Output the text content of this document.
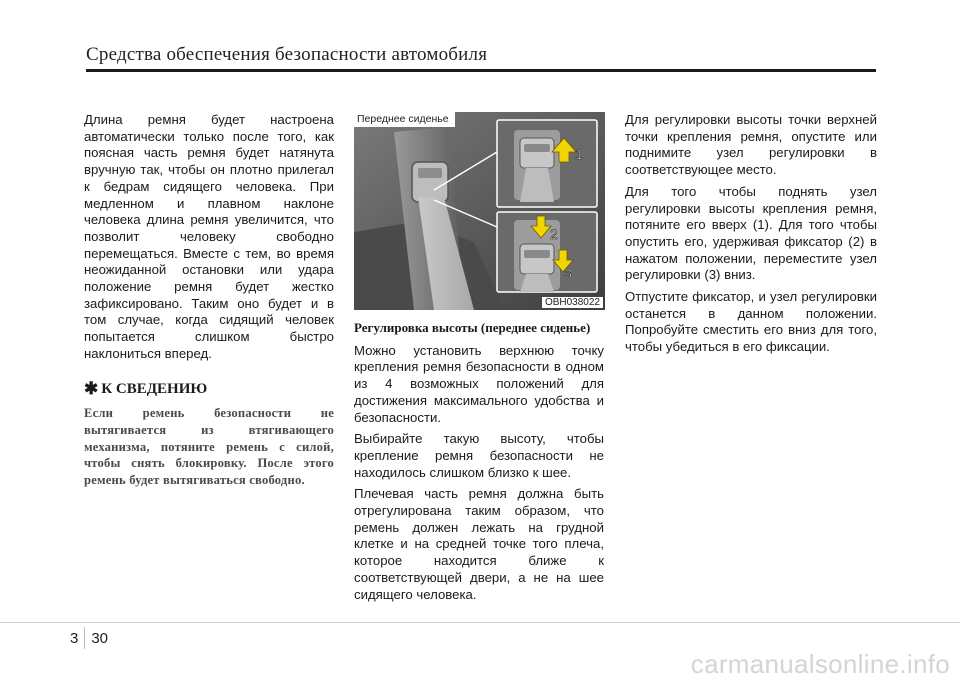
Средства обеспечения безопасности автомобиля

Длина ремня будет настроена автоматически только после того, как поясная часть ремня будет натянута вручную так, чтобы он плотно прилегал к бедрам сидящего человека. При медленном и плавном наклоне человека длина ремня увеличится, что позволит человеку свободно перемещаться. Вместе с тем, во время неожиданной остановки или удара положение ремня будет жестко зафиксировано. Таким оно будет и в том случае, когда сидящий человек попытается слишком быстро наклониться вперед.

✱ К СВЕДЕНИЮ
Если ремень безопасности не вытягивается из втягивающего механизма, потяните ремень с силой, чтобы снять блокировку. После этого ремень будет вытягиваться свободно.
1
2
3
Переднее сиденье
OBH038022
Регулировка высоты (переднее сиденье)

Можно установить верхнюю точку крепления ремня безопасности в одном из 4 возможных положений для достижения максимального удобства и безопасности.

Выбирайте такую высоту, чтобы крепление ремня безопасности не находилось слишком близко к шее.

Плечевая часть ремня должна быть отрегулирована таким образом, что ремень должен лежать на грудной клетке и на средней точке того плеча, которое находится ближе к соответствующей двери, а не на шее сидящего человека.

Для регулировки высоты точки верхней точки крепления ремня, опустите или поднимите узел регулировки в соответствующее место.

Для того чтобы поднять узел регулировки высоты крепления ремня, потяните его вверх (1). Для того чтобы опустить его, удерживая фиксатор (2) в нажатом положении, переместите узел регулировки (3) вниз.

Отпустите фиксатор, и узел регулировки останется в данном положении. Попробуйте сместить его вниз для того, чтобы убедиться в его фиксации.

3 30
carmanualsonline.info
